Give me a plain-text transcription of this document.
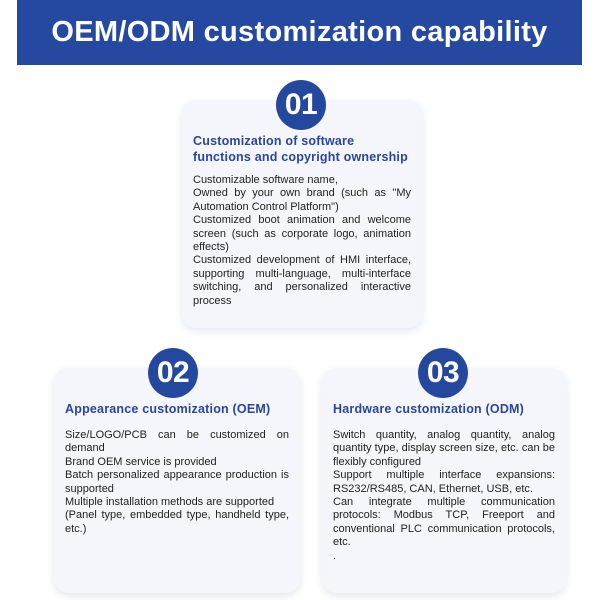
OEM/ODM customization capability

Customization of software functions and copyright ownership

Customizable software name,
Owned by your own brand (such as "My Automation Control Platform")
Customized boot animation and welcome screen (such as corporate logo, animation effects)
Customized development of HMI interface, supporting multi-language, multi-interface switching, and personalized interactive process
01

Appearance customization (OEM)

Size/LOGO/PCB can be customized on demand
Brand OEM service is provided
Batch personalized appearance production is supported
Multiple installation methods are supported
(Panel type, embedded type, handheld type, etc.)
02

Hardware customization (ODM)

Switch quantity, analog quantity, analog quantity type, display screen size, etc. can be flexibly configured
Support multiple interface expansions: RS232/RS485, CAN, Ethernet, USB, etc.
Can integrate multiple communication protocols: Modbus TCP, Freeport and conventional PLC communication protocols, etc.
.
03
